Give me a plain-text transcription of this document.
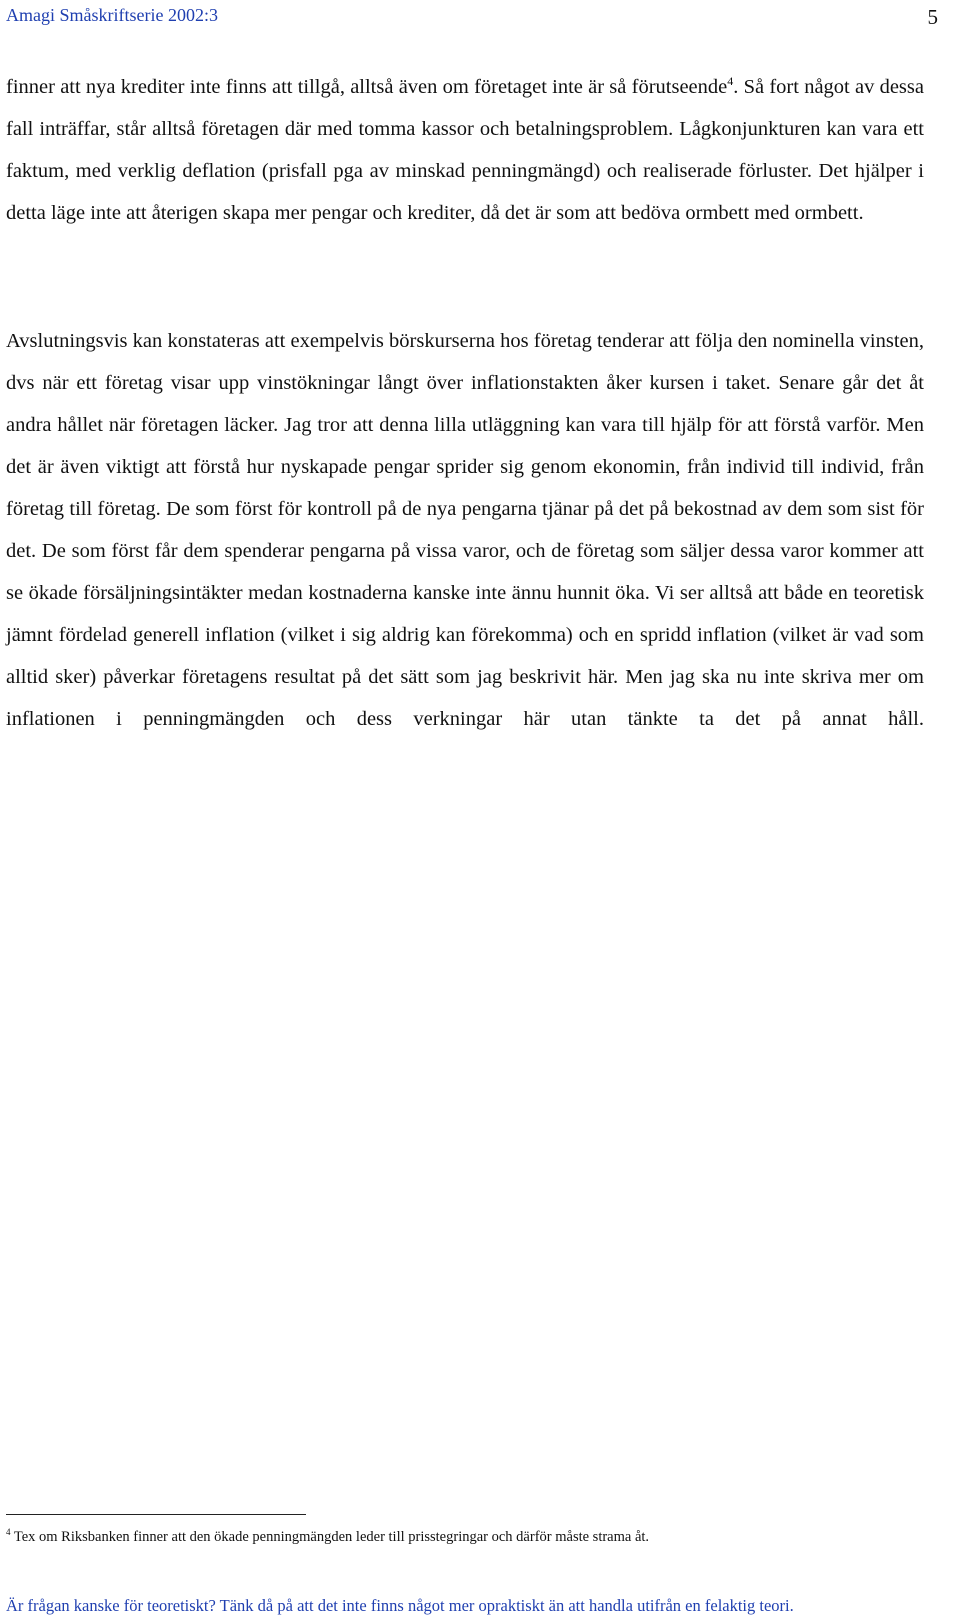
Amagi Småskriftserie 2002:3	5

finner att nya krediter inte finns att tillgå, alltså även om företaget inte är så förutseende$^4$. Så fort något av dessa fall inträffar, står alltså företagen där med tomma kassor och betalningsproblem. Lågkonjunkturen kan vara ett faktum, med verklig deflation (prisfall pga av minskad penningmängd) och realiserade förluster. Det hjälper i detta läge inte att återigen skapa mer pengar och krediter, då det är som att bedöva ormbett med ormbett.

Avslutningsvis kan konstateras att exempelvis börskurserna hos företag tenderar att följa den nominella vinsten, dvs när ett företag visar upp vinstökningar långt över inflationstakten åker kursen i taket. Senare går det åt andra hållet när företagen läcker. Jag tror att denna lilla utläggning kan vara till hjälp för att förstå varför. Men det är även viktigt att förstå hur nyskapade pengar sprider sig genom ekonomin, från individ till individ, från företag till företag. De som först för kontroll på de nya pengarna tjänar på det på bekostnad av dem som sist för det. De som först får dem spenderar pengarna på vissa varor, och de företag som säljer dessa varor kommer att se ökade försäljningsintäkter medan kostnaderna kanske inte ännu hunnit öka. Vi ser alltså att både en teoretisk jämnt fördelad generell inflation (vilket i sig aldrig kan förekomma) och en spridd inflation (vilket är vad som alltid sker) påverkar företagens resultat på det sätt som jag beskrivit här. Men jag ska nu inte skriva mer om inflationen i penningmängden och dess verkningar här utan tänkte ta det på annat håll.

$^4$ Tex om Riksbanken finner att den ökade penningmängden leder till prisstegringar och därför måste strama åt.
Är frågan kanske för teoretiskt? Tänk då på att det inte finns något mer opraktiskt än att handla utifrån en felaktig teori.
